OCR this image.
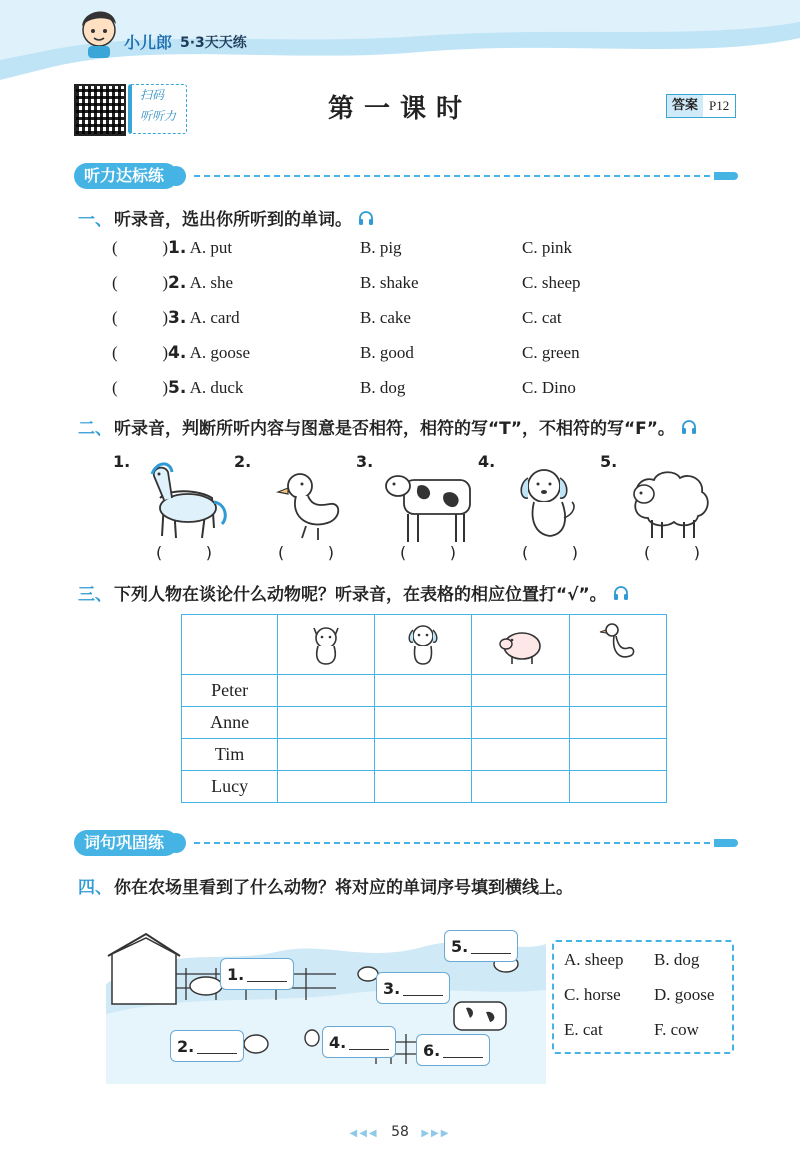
小儿郎 5·3天天练
扫码
听听力	第一课时	答案 P12
听力达标练
一、 听录音，选出你所听到的单词。
(	) 1. A. put	B. pig	C. pink
(	) 2. A. she	B. shake	C. sheep
(	) 3. A. card	B. cake	C. cat
(	) 4. A. goose	B. good	C. green
(	) 5. A. duck	B. dog	C. Dino
二、 听录音，判断所听内容与图意是否相符，相符的写“T”，不相符的写“F”。
1.	2.	3.	4.	5.
(	)	(	)	(	)	(	)	(	)
三、 下列人物在谈论什么动物呢？听录音，在表格的相应位置打“√”。

Peter				
Anne				
Tim				
Lucy				
词句巩固练
四、 你在农场里看到了什么动物？将对应的单词序号填到横线上。
1.
2.
3.
4.
5.
6.
A. sheep B. dog
C. horse D. goose
E. cat	F. cow
◀◀◀ 58 ▶▶▶
